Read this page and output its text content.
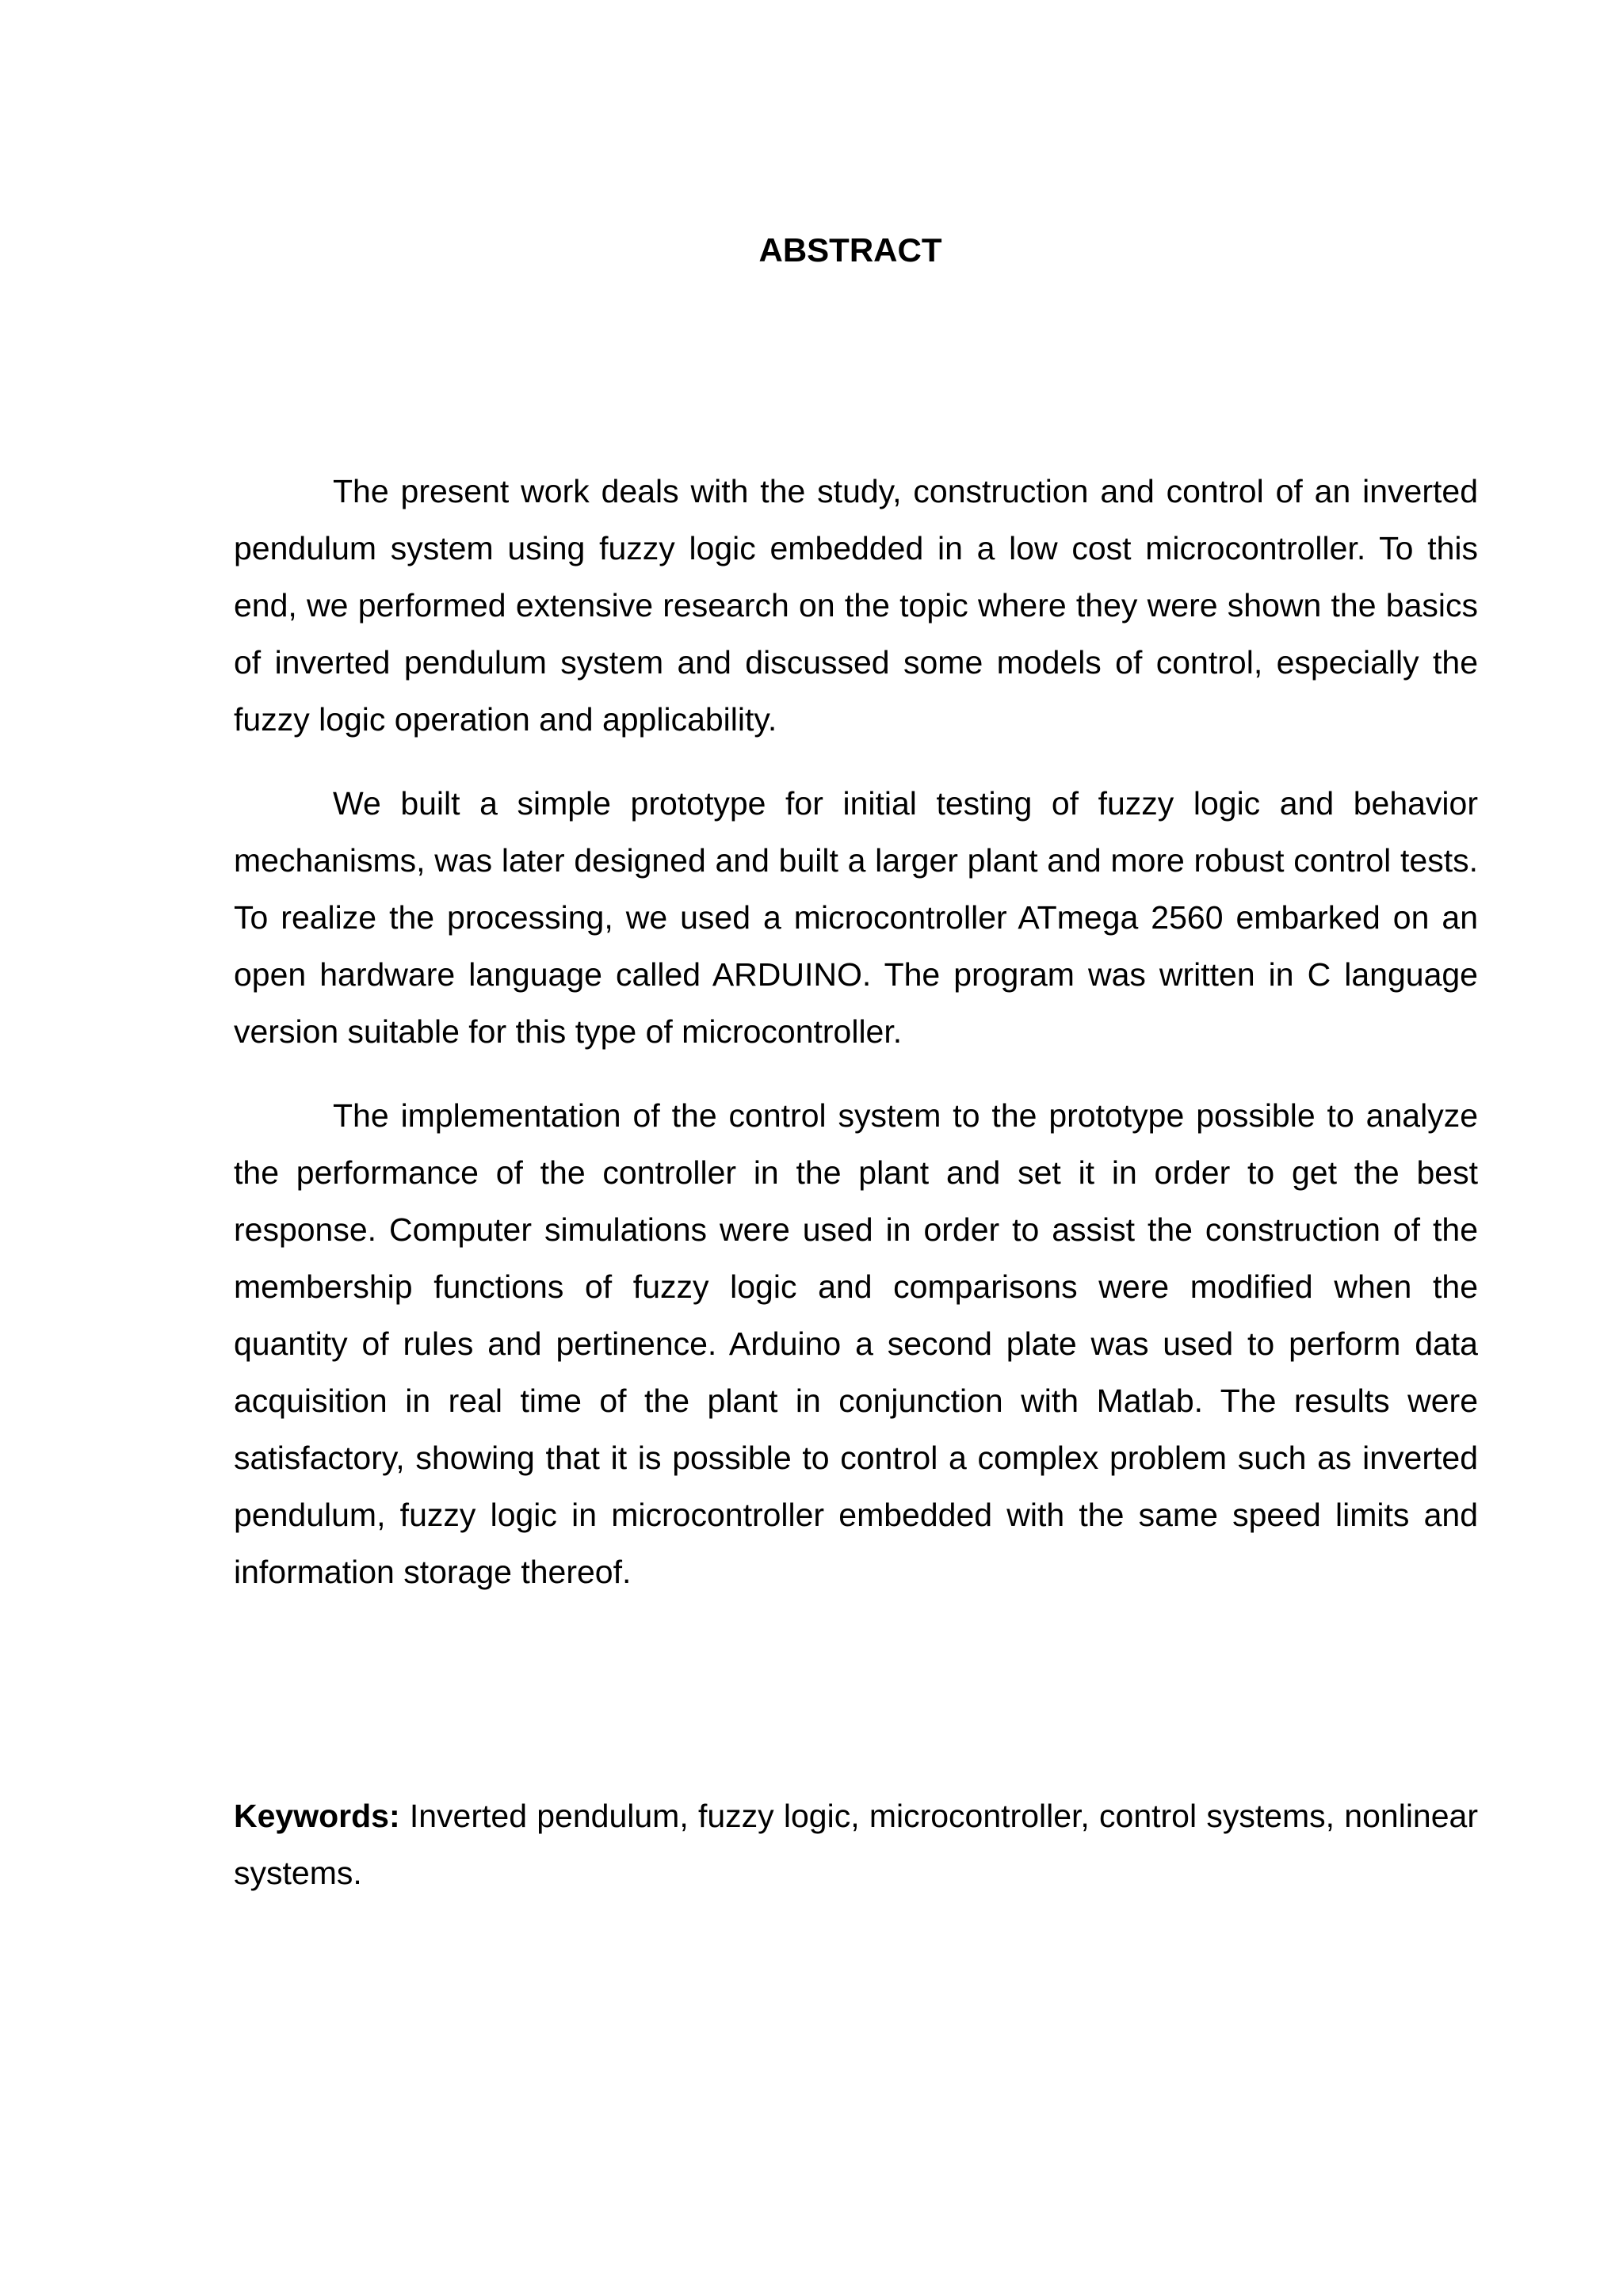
ABSTRACT

The present work deals with the study, construction and control of an inverted pendulum system using fuzzy logic embedded in a low cost microcontroller. To this end, we performed extensive research on the topic where they were shown the basics of inverted pendulum system and discussed some models of control, especially the fuzzy logic operation and applicability.

We built a simple prototype for initial testing of fuzzy logic and behavior mechanisms, was later designed and built a larger plant and more robust control tests. To realize the processing, we used a microcontroller ATmega 2560 embarked on an open hardware language called ARDUINO. The program was written in C language version suitable for this type of microcontroller.

The implementation of the control system to the prototype possible to analyze the performance of the controller in the plant and set it in order to get the best response. Computer simulations were used in order to assist the construction of the membership functions of fuzzy logic and comparisons were modified when the quantity of rules and pertinence. Arduino a second plate was used to perform data acquisition in real time of the plant in conjunction with Matlab. The results were satisfactory, showing that it is possible to control a complex problem such as inverted pendulum, fuzzy logic in microcontroller embedded with the same speed limits and information storage thereof.

Keywords: Inverted pendulum, fuzzy logic, microcontroller, control systems, nonlinear systems.
